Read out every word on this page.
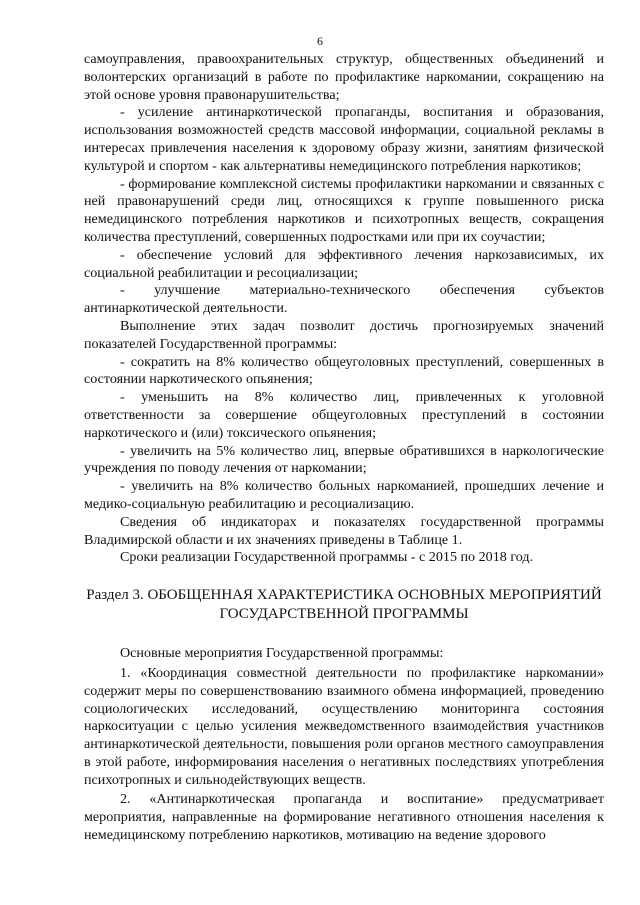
6

самоуправления, правоохранительных структур, общественных объединений и волонтерских организаций в работе по профилактике наркомании, сокращению на этой основе уровня правонарушительства;

- усиление антинаркотической пропаганды, воспитания и образования, использования возможностей средств массовой информации, социальной рекламы в интересах привлечения населения к здоровому образу жизни, занятиям физической культурой и спортом - как альтернативы немедицинского потребления наркотиков;

- формирование комплексной системы профилактики наркомании и связанных с ней правонарушений среди лиц, относящихся к группе повышенного риска немедицинского потребления наркотиков и психотропных веществ, сокращения количества преступлений, совершенных подростками или при их соучастии;

- обеспечение условий для эффективного лечения наркозависимых, их социальной реабилитации и ресоциализации;

- улучшение материально-технического обеспечения субъектов антинаркотической деятельности.

Выполнение этих задач позволит достичь прогнозируемых значений показателей Государственной программы:

- сократить на 8% количество общеуголовных преступлений, совершенных в состоянии наркотического опьянения;

- уменьшить на 8% количество лиц, привлеченных к уголовной ответственности за совершение общеуголовных преступлений в состоянии наркотического и (или) токсического опьянения;

- увеличить на 5% количество лиц, впервые обратившихся в наркологические учреждения по поводу лечения от наркомании;

- увеличить на 8% количество больных наркоманией, прошедших лечение и медико-социальную реабилитацию и ресоциализацию.

Сведения об индикаторах и показателях государственной программы Владимирской области и их значениях приведены в Таблице 1.

Сроки реализации Государственной программы - с 2015 по 2018 год.

Раздел 3. ОБОБЩЕННАЯ ХАРАКТЕРИСТИКА ОСНОВНЫХ МЕРОПРИЯТИЙ ГОСУДАРСТВЕННОЙ ПРОГРАММЫ

Основные мероприятия Государственной программы:

1. «Координация совместной деятельности по профилактике наркомании» содержит меры по совершенствованию взаимного обмена информацией, проведению социологических исследований, осуществлению мониторинга состояния наркоситуации с целью усиления межведомственного взаимодействия участников антинаркотической деятельности, повышения роли органов местного самоуправления в этой работе, информирования населения о негативных последствиях употребления психотропных и сильнодействующих веществ.

2. «Антинаркотическая пропаганда и воспитание» предусматривает мероприятия, направленные на формирование негативного отношения населения к немедицинскому потреблению наркотиков, мотивацию на ведение здорового
